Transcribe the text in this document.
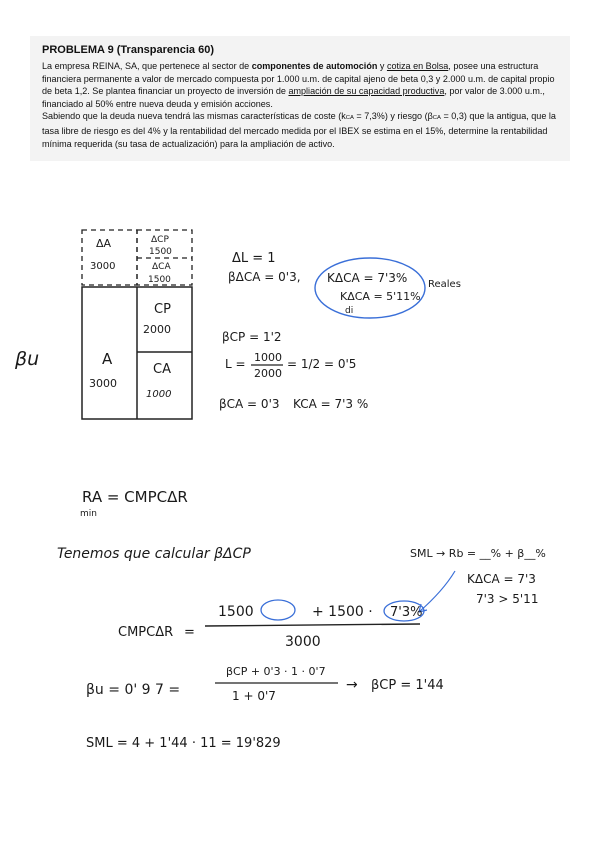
PROBLEMA 9 (Transparencia 60)
La empresa REINA, SA, que pertenece al sector de componentes de automoción y cotiza en Bolsa, posee una estructura financiera permanente a valor de mercado compuesta por 1.000 u.m. de capital ajeno de beta 0,3 y 2.000 u.m. de capital propio de beta 1,2. Se plantea financiar un proyecto de inversión de ampliación de su capacidad productiva, por valor de 3.000 u.m., financiado al 50% entre nueva deuda y emisión acciones.
Sabiendo que la deuda nueva tendrá las mismas características de coste (kCA = 7,3%) y riesgo (βCA = 0,3) que la antigua, que la tasa libre de riesgo es del 4% y la rentabilidad del mercado medida por el IBEX se estima en el 15%, determine la rentabilidad mínima requerida (su tasa de actualización) para la ampliación de activo.
ΔA
3000
ΔCP
1500
ΔCA
1500
CP
2000
A
3000
CA
1000
βu
ΔL = 1
βΔCA = 0'3, KΔCA = 7'3%
KΔCA = 5'11%
di
Reales
βCP = 1'2
L = 1000
2000
= 1/2 = 0'5
βCA = 0'3 KCA = 7'3 %
RA = CMPCΔR
min
Tenemos que calcular βΔCP	SML → Rb = __% + β__%
KΔCA = 7'3
7'3 > 5'11
CMPCΔR =
1500	+ 1500 · 7'3%
3000
βu = 0' 9 7 =
βCP + 0'3 · 1 · 0'7
1 + 0'7
→ βCP = 1'44
SML = 4 + 1'44 · 11 = 19'829
